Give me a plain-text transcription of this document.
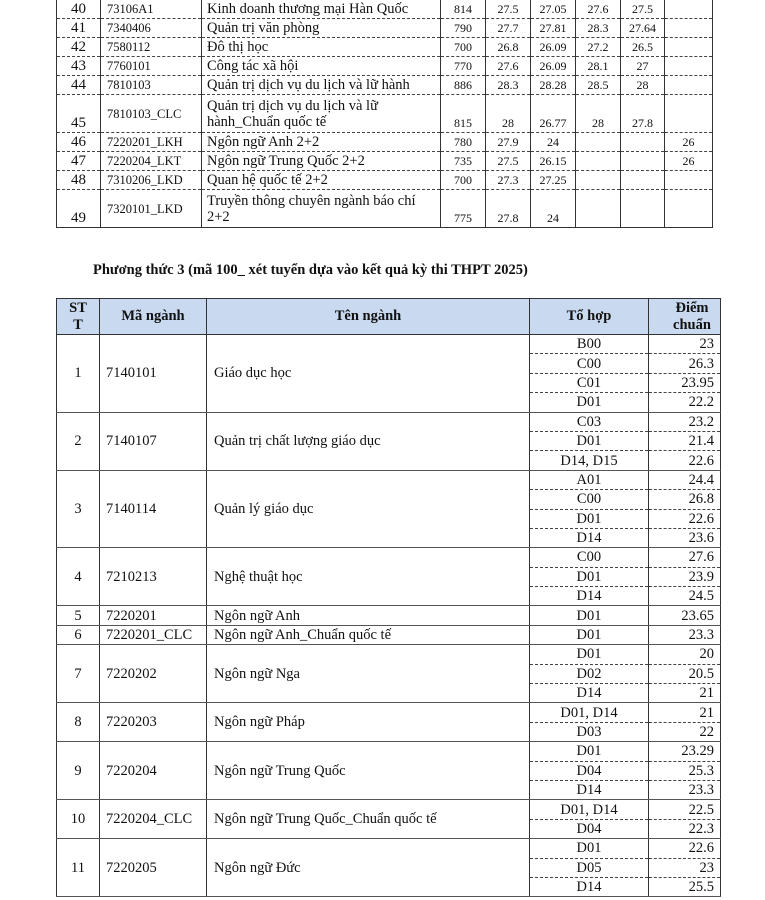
40	73106A1	Kinh doanh thương mại Hàn Quốc	814	27.5	27.05	27.6	27.5	
41	7340406	Quản trị văn phòng	790	27.7	27.81	28.3	27.64	
42	7580112	Đô thị học	700	26.8	26.09	27.2	26.5	
43	7760101	Công tác xã hội	770	27.6	26.09	28.1	27	
44	7810103	Quản trị dịch vụ du lịch và lữ hành	886	28.3	28.28	28.5	28	
45	7810103_CLC	Quản trị dịch vụ du lịch và lữ
hành_Chuẩn quốc tế	815	28	26.77	28	27.8	
46	7220201_LKH	Ngôn ngữ Anh 2+2	780	27.9	24			26
47	7220204_LKT	Ngôn ngữ Trung Quốc 2+2	735	27.5	26.15			26
48	7310206_LKD	Quan hệ quốc tế 2+2	700	27.3	27.25			
49	7320101_LKD	Truyền thông chuyên ngành báo chí
2+2	775	27.8	24			
Phương thức 3 (mã 100_ xét tuyển dựa vào kết quả kỳ thi THPT 2025)
STT	Mã ngành	Tên ngành	Tổ hợp	Điểm chuẩn
1	7140101	Giáo dục học	B00	23
			C00	26.3
			C01	23.95
			D01	22.2
2	7140107	Quản trị chất lượng giáo dục	C03	23.2
			D01	21.4
			D14, D15	22.6
3	7140114	Quản lý giáo dục	A01	24.4
			C00	26.8
			D01	22.6
			D14	23.6
4	7210213	Nghệ thuật học	C00	27.6
			D01	23.9
			D14	24.5
5	7220201	Ngôn ngữ Anh	D01	23.65
6	7220201_CLC	Ngôn ngữ Anh_Chuẩn quốc tế	D01	23.3
7	7220202	Ngôn ngữ Nga	D01	20
			D02	20.5
			D14	21
8	7220203	Ngôn ngữ Pháp	D01, D14	21
			D03	22
9	7220204	Ngôn ngữ Trung Quốc	D01	23.29
			D04	25.3
			D14	23.3
10	7220204_CLC	Ngôn ngữ Trung Quốc_Chuẩn quốc tế	D01, D14	22.5
			D04	22.3
11	7220205	Ngôn ngữ Đức	D01	22.6
			D05	23
			D14	25.5
